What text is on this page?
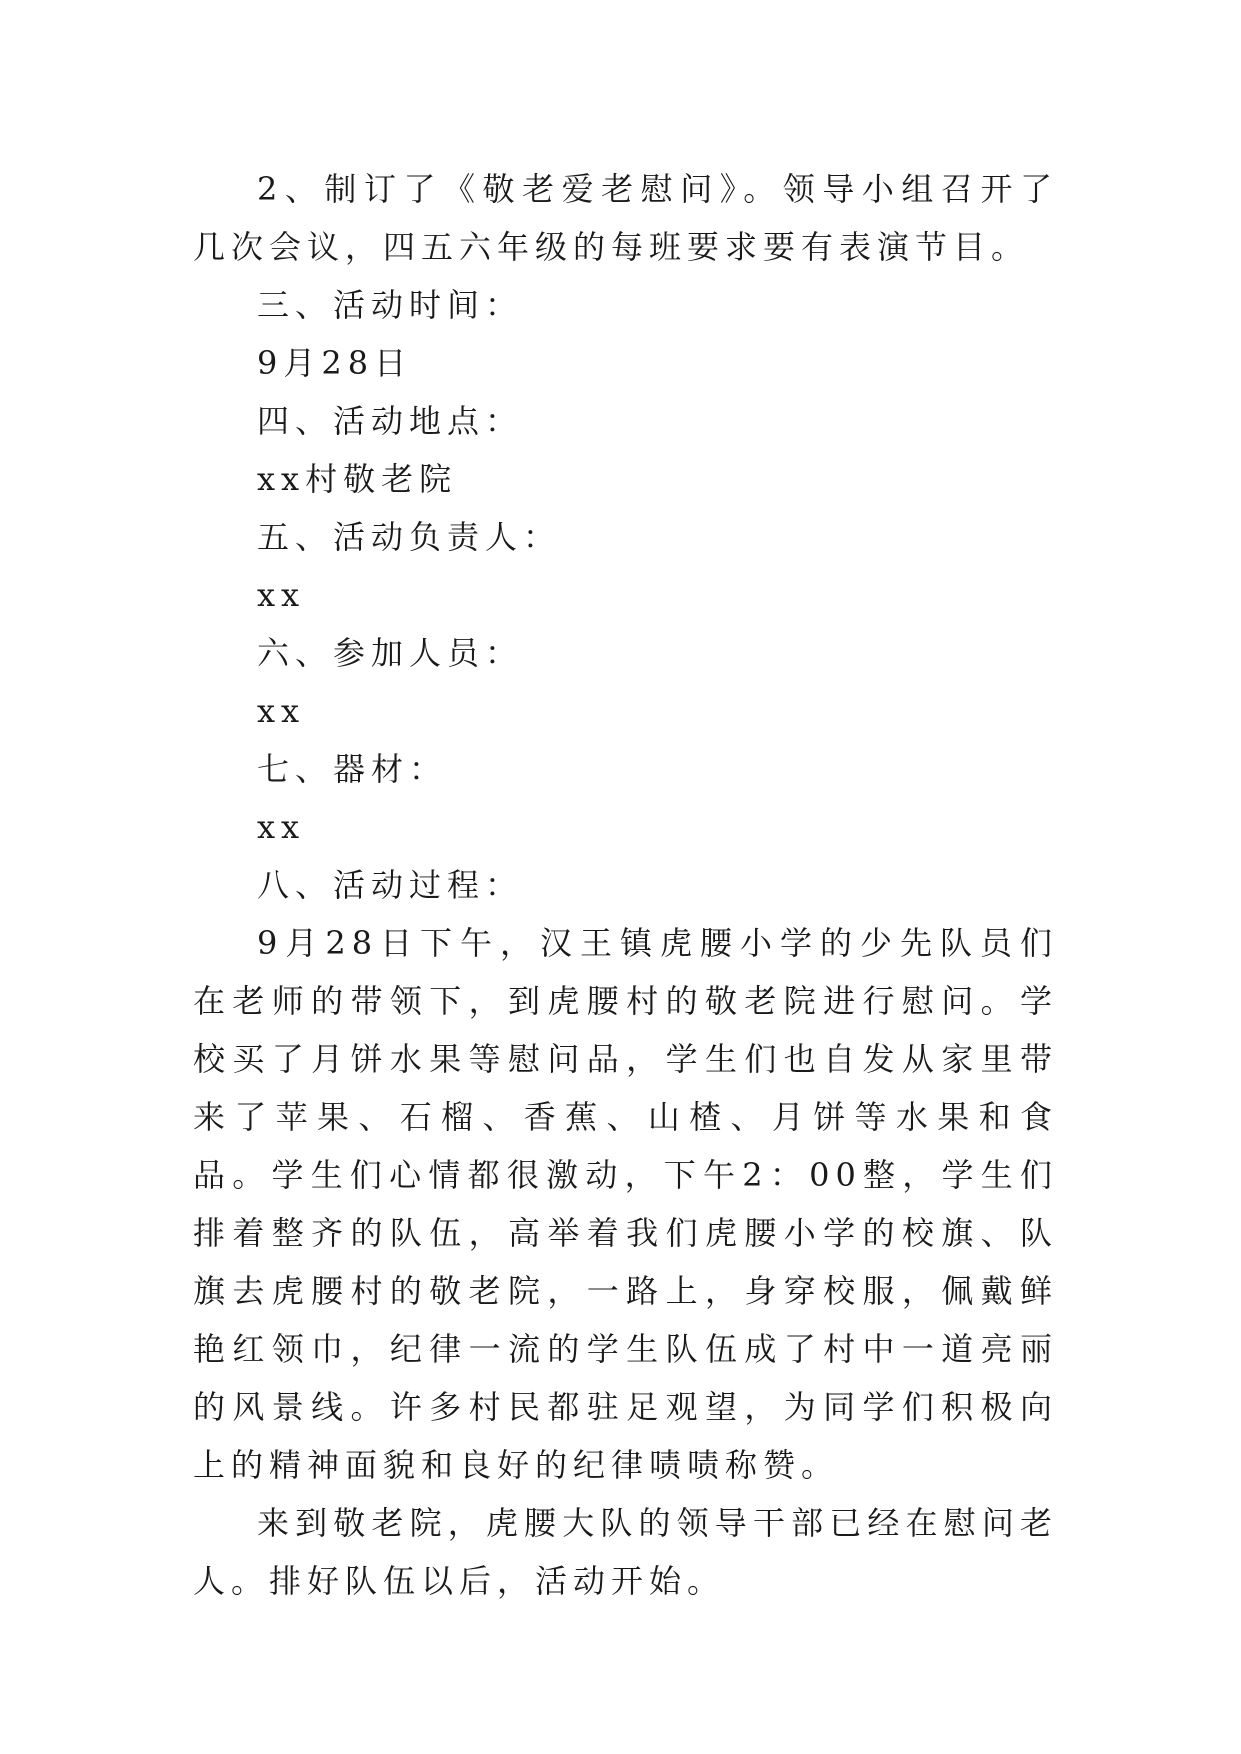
2、制订了《敬老爱老慰问》。领导小组召开了几次会议，四五六年级的每班要求要有表演节目。

三、活动时间：

9月28日

四、活动地点：

xx村敬老院

五、活动负责人：

xx

六、参加人员：

xx

七、器材：

xx

八、活动过程：

9月28日下午，汉王镇虎腰小学的少先队员们在老师的带领下，到虎腰村的敬老院进行慰问。学校买了月饼水果等慰问品，学生们也自发从家里带来了苹果、石榴、香蕉、山楂、月饼等水果和食品。学生们心情都很激动，下午2：00整，学生们排着整齐的队伍，高举着我们虎腰小学的校旗、队旗去虎腰村的敬老院，一路上，身穿校服，佩戴鲜艳红领巾，纪律一流的学生队伍成了村中一道亮丽的风景线。许多村民都驻足观望，为同学们积极向上的精神面貌和良好的纪律啧啧称赞。

来到敬老院，虎腰大队的领导干部已经在慰问老人。排好队伍以后，活动开始。
